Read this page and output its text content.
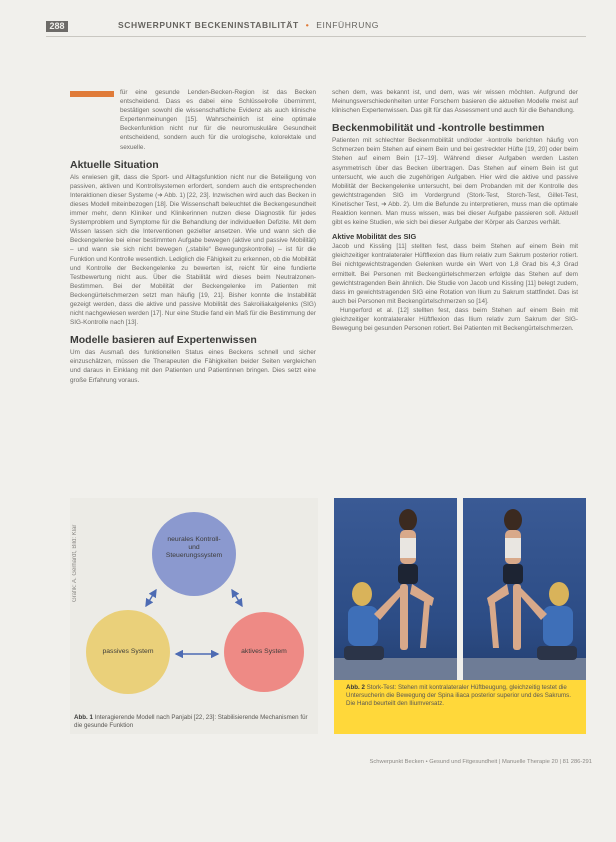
288	SCHWERPUNKT BECKENINSTABILITÄT • EINFÜHRUNG

für eine gesunde Lenden-Becken-Region ist das Becken entscheidend. Dass es dabei eine Schlüsselrolle übernimmt, bestätigen sowohl die wissenschaftliche Evidenz als auch klinische Expertenmeinungen [15]. Wahrscheinlich ist eine optimale Beckenfunktion nicht nur für die neuromuskuläre Gesundheit entscheidend, sondern auch für die urologische, kolorektale und sexuelle.

Aktuelle Situation

Als erwiesen gilt, dass die Sport- und Alltagsfunktion nicht nur die Beteiligung von passiven, aktiven und Kontrollsystemen erfordert, sondern auch die entsprechenden Interaktionen dieser Systeme (➜ Abb. 1) [22, 23]. Inzwischen wird auch das Becken in dieses Modell miteinbezogen [18]. Die Wissenschaft beleuchtet die Beckengesundheit immer mehr, denn Kliniker und Klinikerinnen nutzen diese Diagnostik für jedes Systemproblem und Symptome für die Behandlung der individuellen Defizite. Mit dem Wissen lassen sich die Interventionen gezielter ansetzen. Wie und wann sich die Beckengelenke bei einer bestimmten Aufgabe bewegen (aktive und passive Mobilität) – und wann sie sich nicht bewegen („stabile“ Bewegungskontrolle) – ist für die Funktion und Kontrolle wesentlich. Lediglich die Fähigkeit zu erkennen, ob die Mobilität und Kontrolle der Beckengelenke zu bewerten ist, reicht für eine fundierte Testbewertung nicht aus. Über die Stabilität wird dieses beim Neutralzonen-Bestimmen. Bei der Mobilität der Beckengelenke im Patienten mit Beckengürtelschmerzen setzt man häufig [19, 21]. Bisher konnte die Instabilität gezeigt werden, dass die aktive und passive Mobilität des Sakroiliakalgelenks (SIG) nicht nachgewiesen werden [17]. Nur eine Studie fand ein Maß für die Bestimmung der SIG-Kontrolle nach [13].

Modelle basieren auf Expertenwissen

Um das Ausmaß des funktionellen Status eines Beckens schnell und sicher einzuschätzen, müssen die Therapeuten die Fähigkeiten beider Seiten vergleichen und daraus in Einklang mit den Patienten und Patientinnen bringen. Dies setzt eine große Erfahrung voraus.

schen dem, was bekannt ist, und dem, was wir wissen möchten. Aufgrund der Meinungsverschiedenheiten unter Forschern basieren die aktuellen Modelle meist auf klinischen Expertenwissen. Das gilt für das Assessment und auch für die Behandlung.

Beckenmobilität und -kontrolle bestimmen

Patienten mit schlechter Beckenmobilität und/oder -kontrolle berichten häufig von Schmerzen beim Stehen auf einem Bein und bei gestreckter Hüfte [19, 20] oder beim Stehen auf einem Bein [17–19]. Während dieser Aufgaben werden Lasten asymmetrisch über das Becken übertragen. Das Stehen auf einem Bein ist gut untersucht, wie auch die zugehörigen Aufgaben. Hier wird die aktive und passive Mobilität der Beckengelenke untersucht, bei dem Probanden mit der Kontrolle des gewichtstragenden SIG im Vordergrund (Stork-Test, Storch-Test, Gillet-Test, Kinetischer Test, ➜ Abb. 2). Um die Befunde zu interpretieren, muss man die optimale Reaktion kennen. Man muss wissen, was bei dieser Aufgabe passieren soll. Aktuell gibt es keine Studien, wie sich bei dieser Aufgabe der Körper als Ganzes verhält.

Aktive Mobilität des SIG

Jacob und Kissling [11] stellten fest, dass beim Stehen auf einem Bein mit gleichzeitiger kontralateraler Hüftflexion das Ilium relativ zum Sakrum posterior rotiert. Bei nichtgewichtstragenden Gelenken wurde ein Wert von 1,8 Grad bis 4,3 Grad ermittelt. Bei Personen mit Beckengürtelschmerzen erfolgte das Stehen auf dem gewichtstragenden Bein ähnlich. Die Studie von Jacob und Kissling [11] belegt zudem, dass im gewichtstragenden SIG eine Rotation von Ilium zu Sakrum stattfindet. Das ist auch bei Personen mit Beckengürtelschmerzen so [14].

Hungerford et al. [12] stellten fest, dass beim Stehen auf einem Bein mit gleichzeitiger kontralateraler Hüftflexion das Ilium relativ zum Sakrum der SIG-Bewegung bei gesunden Personen rotiert. Bei Patienten mit Beckengürtelschmerzen.

Grafik: A. Gerhardt, Bild: Klar	neurales Kontroll- und Steuerungssystem
passives System	aktives System
Abb. 1 Interagierende Modell nach Panjabi [22, 23]: Stabilisierende Mechanismen für die gesunde Funktion
Abb. 2 Stork-Test: Stehen mit kontralateraler Hüftbeugung, gleichzeitig testet die Untersucherin die Bewegung der Spina iliaca posterior superior und des Sakrums. Die Hand beurteilt den Iliumversatz.
Schwerpunkt Becken • Gesund und Fitgesundheit | Manuelle Therapie 20 | 81 286-291
